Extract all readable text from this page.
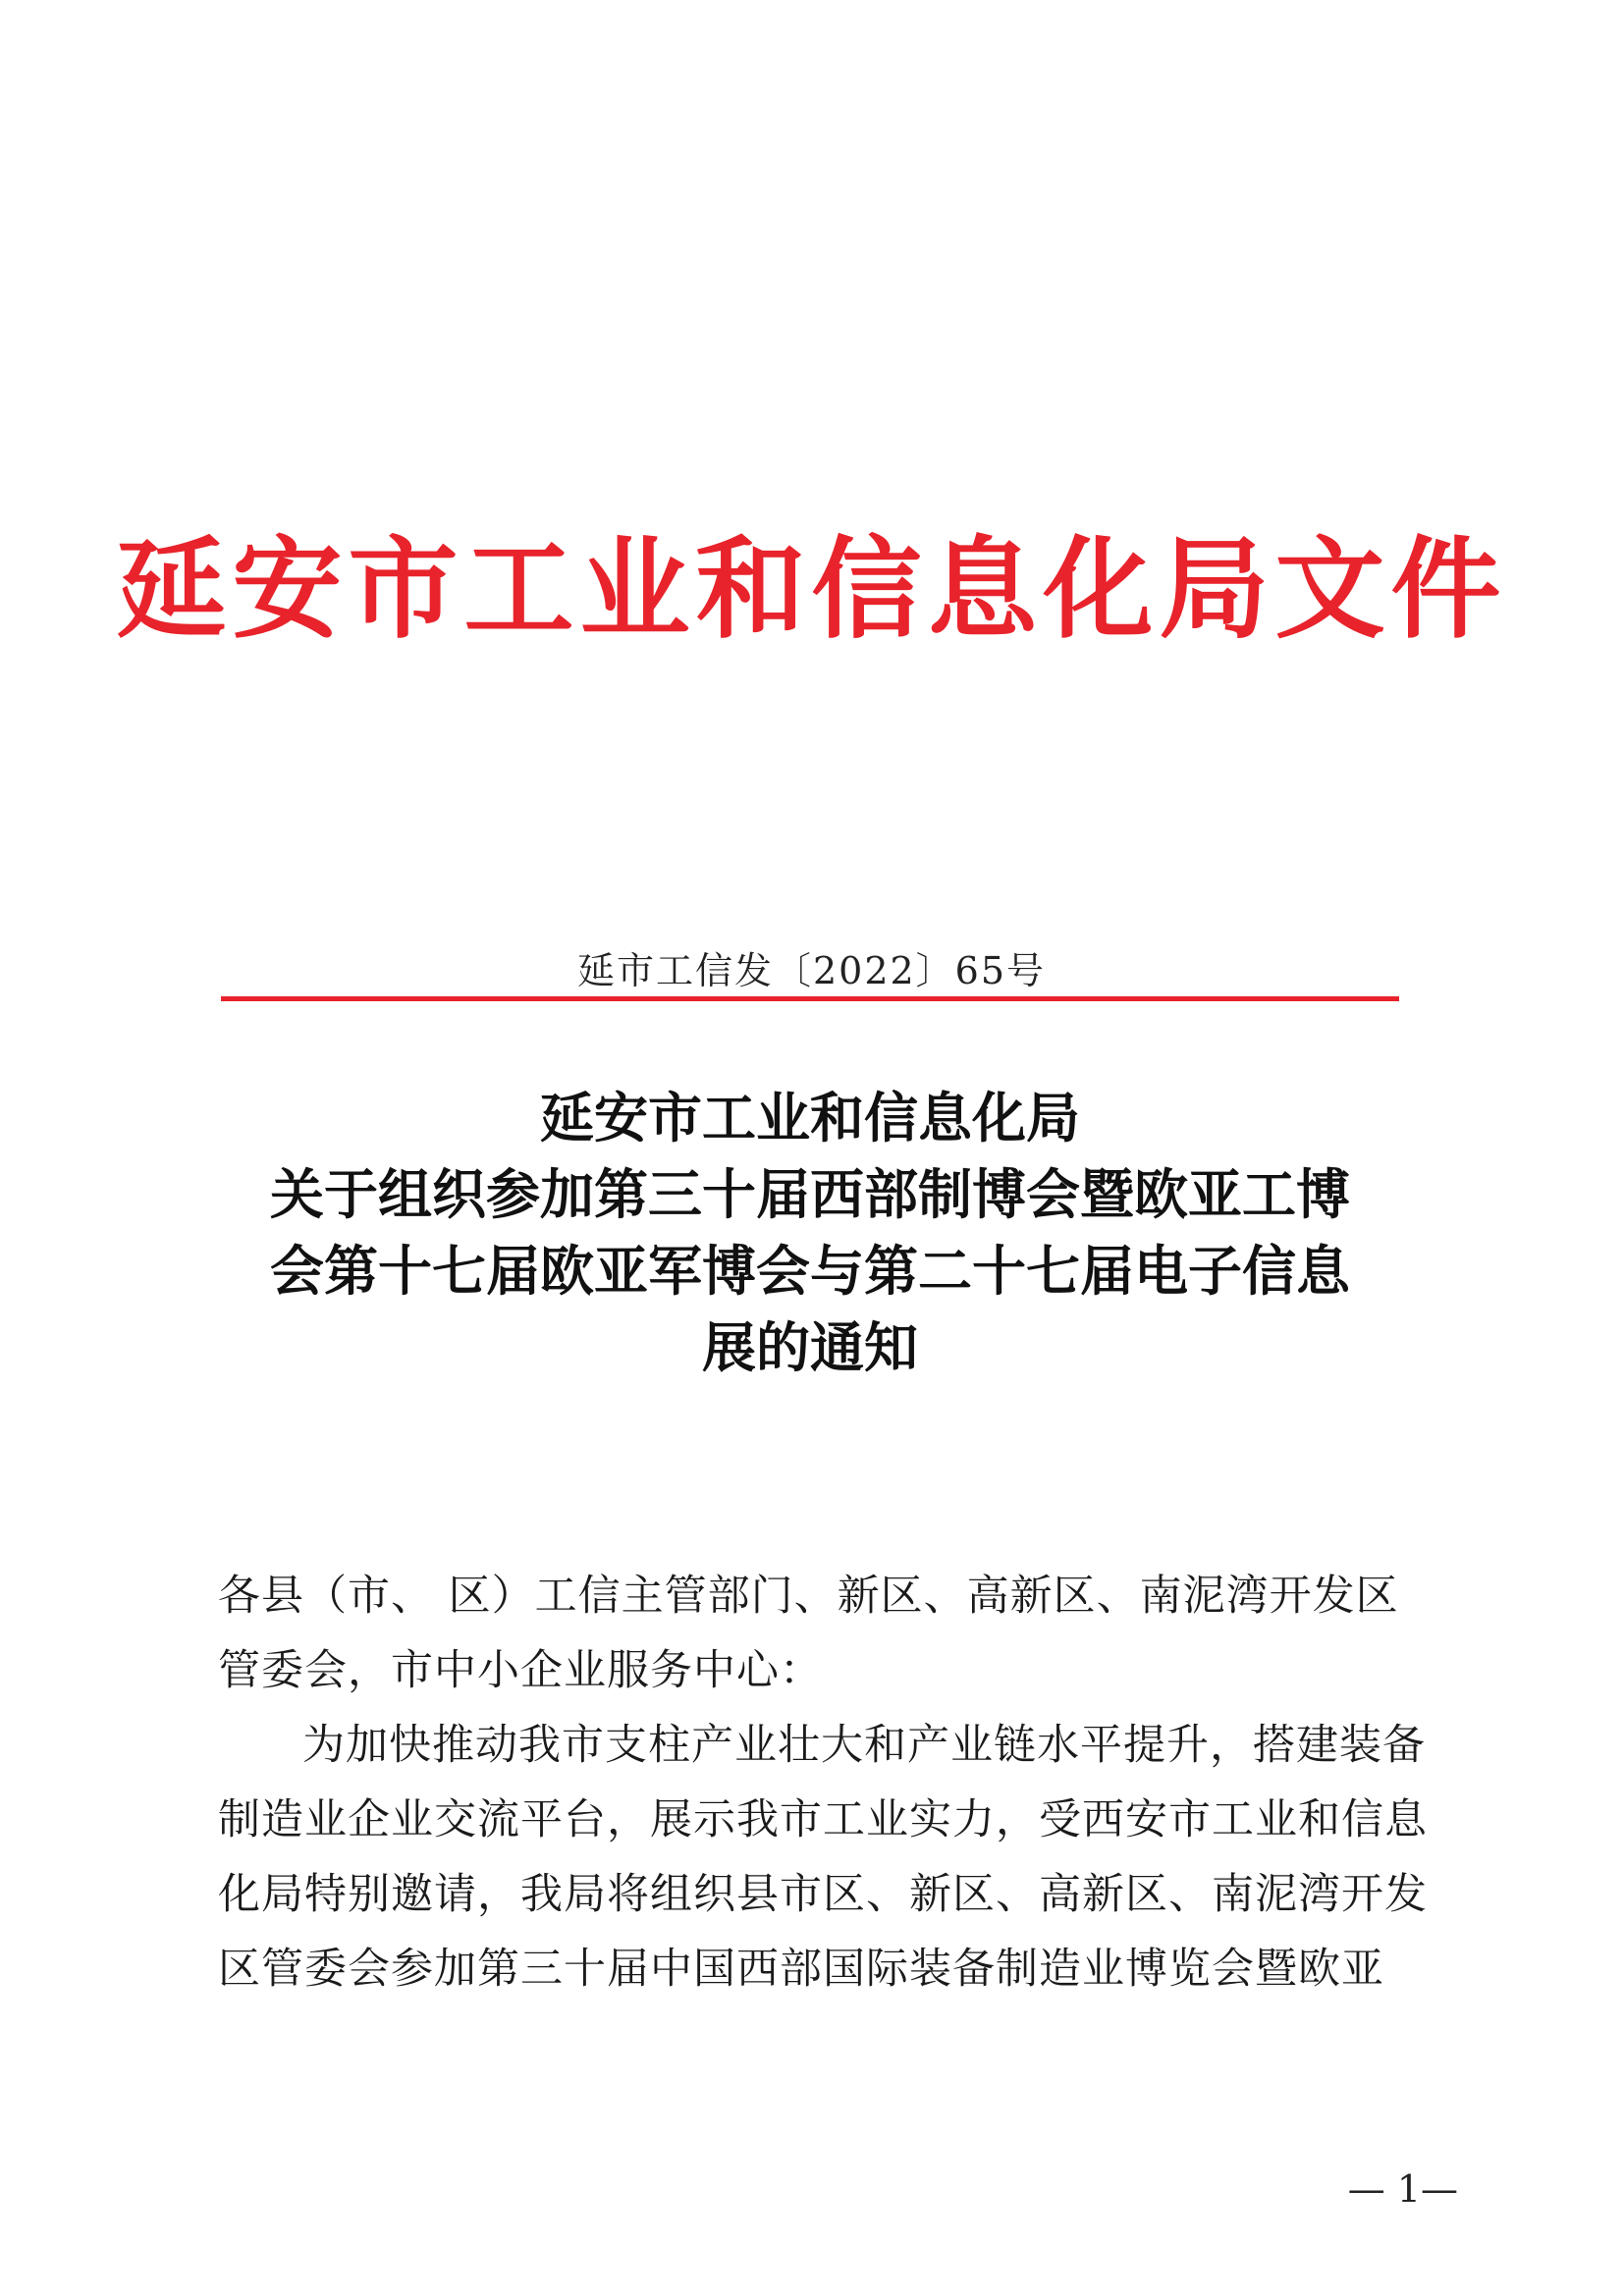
延安市工业和信息化局文件
延市工信发〔2022〕65号
延安市工业和信息化局
关于组织参加第三十届西部制博会暨欧亚工博
会第十七届欧亚军博会与第二十七届电子信息
展的通知
各县（市、 区）工信主管部门、新区、高新区、南泥湾开发区
管委会，市中小企业服务中心：
为加快推动我市支柱产业壮大和产业链水平提升，搭建装备
制造业企业交流平台，展示我市工业实力，受西安市工业和信息
化局特别邀请，我局将组织县市区、新区、高新区、南泥湾开发
区管委会参加第三十届中国西部国际装备制造业博览会暨欧亚
— 1—
